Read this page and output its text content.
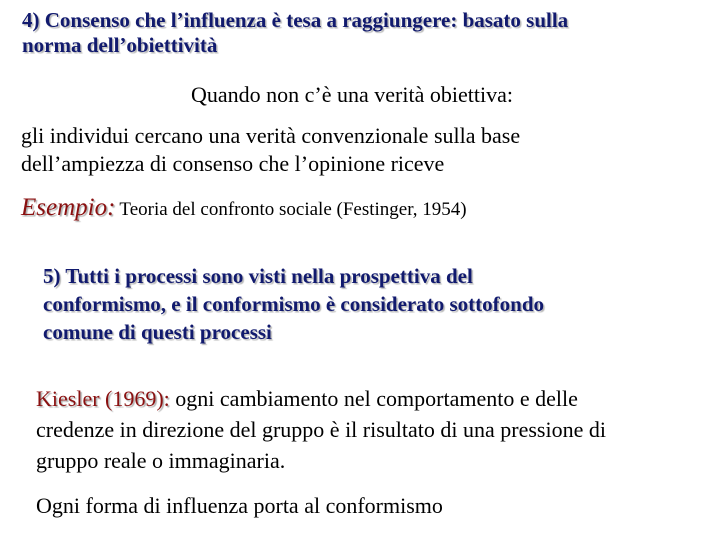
4) Consenso che l’influenza è tesa a raggiungere: basato sulla
norma dell’obiettività
Quando non c’è una verità obiettiva:
gli individui cercano una verità convenzionale sulla base
dell’ampiezza di consenso che l’opinione riceve
Esempio: Teoria del confronto sociale (Festinger, 1954)
5) Tutti i processi sono visti nella prospettiva del
conformismo, e il conformismo è considerato sottofondo
comune di questi processi
Kiesler (1969): ogni cambiamento nel comportamento e delle
credenze in direzione del gruppo è il risultato di una pressione di
gruppo reale o immaginaria.
Ogni forma di influenza porta al conformismo
